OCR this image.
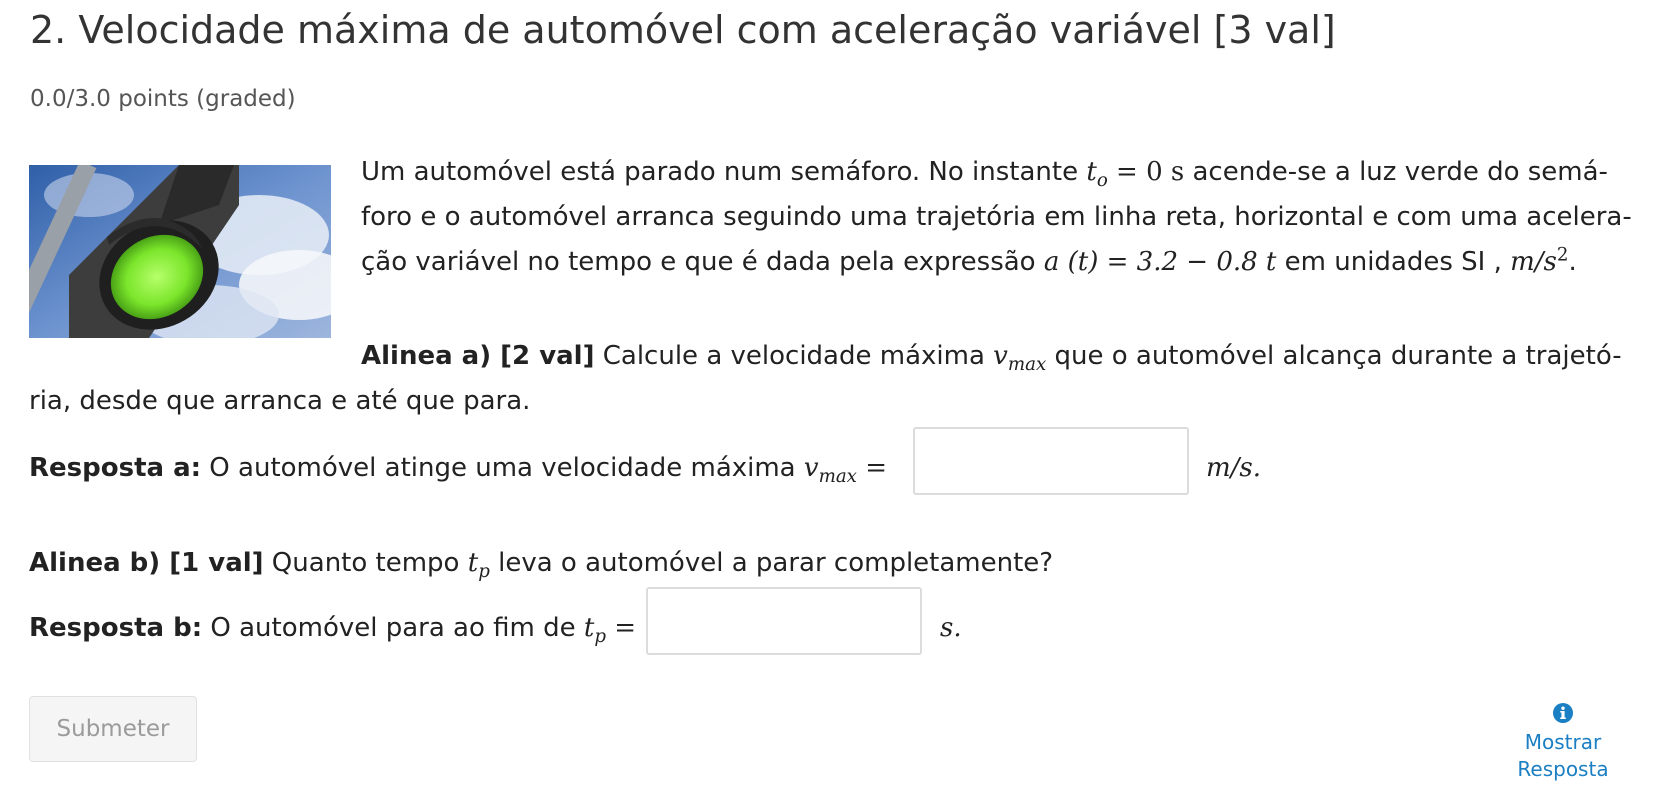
2. Velocidade máxima de automóvel com aceleração variável [3 val]
0.0/3.0 points (graded)
Um automóvel está parado num semáforo. No instante $t_o = 0$ s acende-se a luz verde do semá-
foro e o automóvel arranca seguindo uma trajetória em linha reta, horizontal e com uma acelera-
ção variável no tempo e que é dada pela expressão a (t) = 3.2 − 0.8 t em unidades SI , $m/s^2$.
Alinea a) [2 val] Calcule a velocidade máxima $v_{max}$ que o automóvel alcança durante a trajetó-
ria, desde que arranca e até que para.
Resposta a: O automóvel atinge uma velocidade máxima $v_{max}$ =	m/s.
Alinea b) [1 val] Quanto tempo $t_p$ leva o automóvel a parar completamente?
Resposta b: O automóvel para ao fim de $t_p$ =	s.
Submeter	Mostrar
Resposta
